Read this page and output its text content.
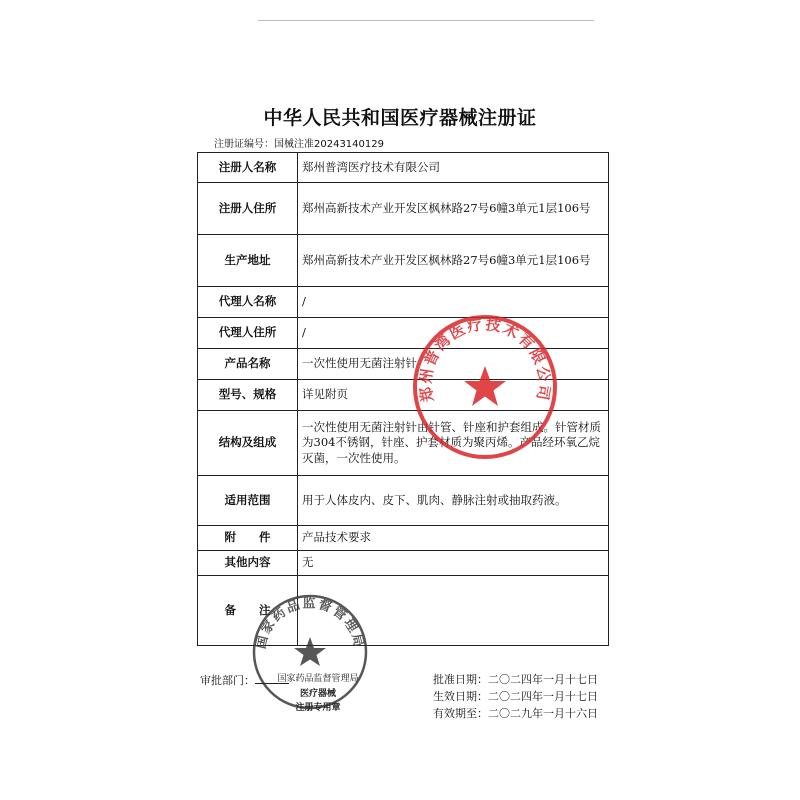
中华人民共和国医疗器械注册证
注册证编号：国械注准20243140129
注册人名称	郑州普湾医疗技术有限公司
注册人住所	郑州高新技术产业开发区枫林路27号6幢3单元1层106号
生产地址	郑州高新技术产业开发区枫林路27号6幢3单元1层106号
代理人名称	/
代理人住所	/
产品名称	一次性使用无菌注射针
型号、规格	详见附页
结构及组成	一次性使用无菌注射针由针管、针座和护套组成。针管材质为304不锈钢，针座、护套材质为聚丙烯。产品经环氧乙烷灭菌，一次性使用。
适用范围	用于人体皮内、皮下、肌肉、静脉注射或抽取药液。
附　　件	产品技术要求
其他内容	无
备　　注	
郑州普湾医疗技术有限公司
国家药品监督管理局
国家药品监督管理局
医疗器械
注册专用章
审批部门：	批准日期：二〇二四年一月十七日
生效日期：二〇二四年一月十七日
有效期至：二〇二九年一月十六日
